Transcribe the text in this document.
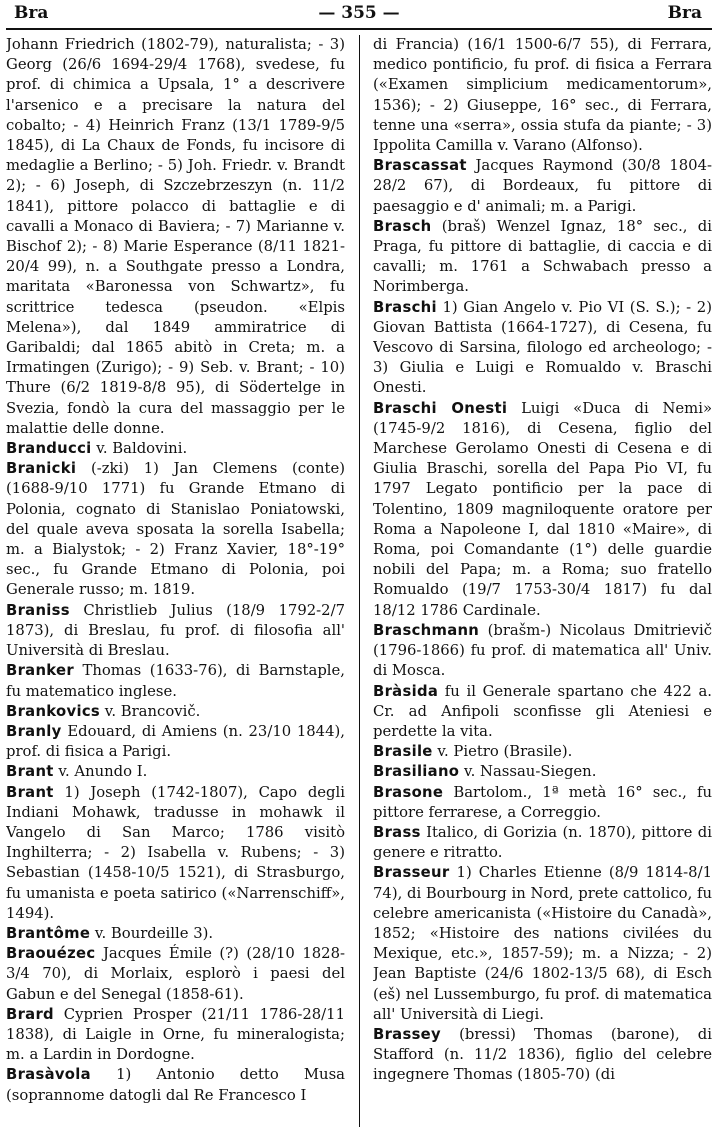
Bra	— 355 —	Bra

Johann Friedrich (1802-79), naturalista; - 3) Georg (26/6 1694-29/4 1768), svedese, fu prof. di chimica a Upsala, 1° a descrivere l'arsenico e a precisare la natura del cobalto; - 4) Heinrich Franz (13/1 1789-9/5 1845), di La Chaux de Fonds, fu incisore di medaglie a Berlino; - 5) Joh. Friedr. v. Brandt 2); - 6) Joseph, di Szczebrzeszyn (n. 11/2 1841), pittore polacco di battaglie e di cavalli a Monaco di Baviera; - 7) Marianne v. Bischof 2); - 8) Marie Esperance (8/11 1821-20/4 99), n. a Southgate presso a Londra, maritata «Baronessa von Schwartz», fu scrittrice tedesca (pseudon. «Elpis Melena»), dal 1849 ammiratrice di Garibaldi; dal 1865 abitò in Creta; m. a Irmatingen (Zurigo); - 9) Seb. v. Brant; - 10) Thure (6/2 1819-8/8 95), di Södertelge in Svezia, fondò la cura del massaggio per le malattie delle donne.

Branducci v. Baldovini.

Branicki (-zki) 1) Jan Clemens (conte) (1688-9/10 1771) fu Grande Etmano di Polonia, cognato di Stanislao Poniatowski, del quale aveva sposata la sorella Isabella; m. a Bialystok; - 2) Franz Xavier, 18°-19° sec., fu Grande Etmano di Polonia, poi Generale russo; m. 1819.

Braniss Christlieb Julius (18/9 1792-2/7 1873), di Breslau, fu prof. di filosofia all' Università di Breslau.

Branker Thomas (1633-76), di Barnstaple, fu matematico inglese.

Brankovics v. Brancovič.

Branly Edouard, di Amiens (n. 23/10 1844), prof. di fisica a Parigi.

Brant v. Anundo I.

Brant 1) Joseph (1742-1807), Capo degli Indiani Mohawk, tradusse in mohawk il Vangelo di San Marco; 1786 visitò Inghilterra; - 2) Isabella v. Rubens; - 3) Sebastian (1458-10/5 1521), di Strasburgo, fu umanista e poeta satirico («Narrenschiff», 1494).

Brantôme v. Bourdeille 3).

Braouézec Jacques Émile (?) (28/10 1828-3/4 70), di Morlaix, esplorò i paesi del Gabun e del Senegal (1858-61).

Brard Cyprien Prosper (21/11 1786-28/11 1838), di Laigle in Orne, fu mineralogista; m. a Lardin in Dordogne.

Brasàvola 1) Antonio detto Musa (soprannome datogli dal Re Francesco I

di Francia) (16/1 1500-6/7 55), di Ferrara, medico pontificio, fu prof. di fisica a Ferrara («Examen simplicium medicamentorum», 1536); - 2) Giuseppe, 16° sec., di Ferrara, tenne una «serra», ossia stufa da piante; - 3) Ippolita Camilla v. Varano (Alfonso).

Brascassat Jacques Raymond (30/8 1804-28/2 67), di Bordeaux, fu pittore di paesaggio e d' animali; m. a Parigi.

Brasch (braš) Wenzel Ignaz, 18° sec., di Praga, fu pittore di battaglie, di caccia e di cavalli; m. 1761 a Schwabach presso a Norimberga.

Braschi 1) Gian Angelo v. Pio VI (S. S.); - 2) Giovan Battista (1664-1727), di Cesena, fu Vescovo di Sarsina, filologo ed archeologo; - 3) Giulia e Luigi e Romualdo v. Braschi Onesti.

Braschi Onesti Luigi «Duca di Nemi» (1745-9/2 1816), di Cesena, figlio del Marchese Gerolamo Onesti di Cesena e di Giulia Braschi, sorella del Papa Pio VI, fu 1797 Legato pontificio per la pace di Tolentino, 1809 magniloquente oratore per Roma a Napoleone I, dal 1810 «Maire», di Roma, poi Comandante (1°) delle guardie nobili del Papa; m. a Roma; suo fratello Romualdo (19/7 1753-30/4 1817) fu dal 18/12 1786 Cardinale.

Braschmann (brašm-) Nicolaus Dmitrievič (1796-1866) fu prof. di matematica all' Univ. di Mosca.

Bràsida fu il Generale spartano che 422 a. Cr. ad Anfipoli sconfisse gli Ateniesi e perdette la vita.

Brasile v. Pietro (Brasile).

Brasiliano v. Nassau-Siegen.

Brasone Bartolom., 1ª metà 16° sec., fu pittore ferrarese, a Correggio.

Brass Italico, di Gorizia (n. 1870), pittore di genere e ritratto.

Brasseur 1) Charles Etienne (8/9 1814-8/1 74), di Bourbourg in Nord, prete cattolico, fu celebre americanista («Histoire du Canadà», 1852; «Histoire des nations civilées du Mexique, etc.», 1857-59); m. a Nizza; - 2) Jean Baptiste (24/6 1802-13/5 68), di Esch (eš) nel Lussemburgo, fu prof. di matematica all' Università di Liegi.

Brassey (bressi) Thomas (barone), di Stafford (n. 11/2 1836), figlio del celebre ingegnere Thomas (1805-70) (di
